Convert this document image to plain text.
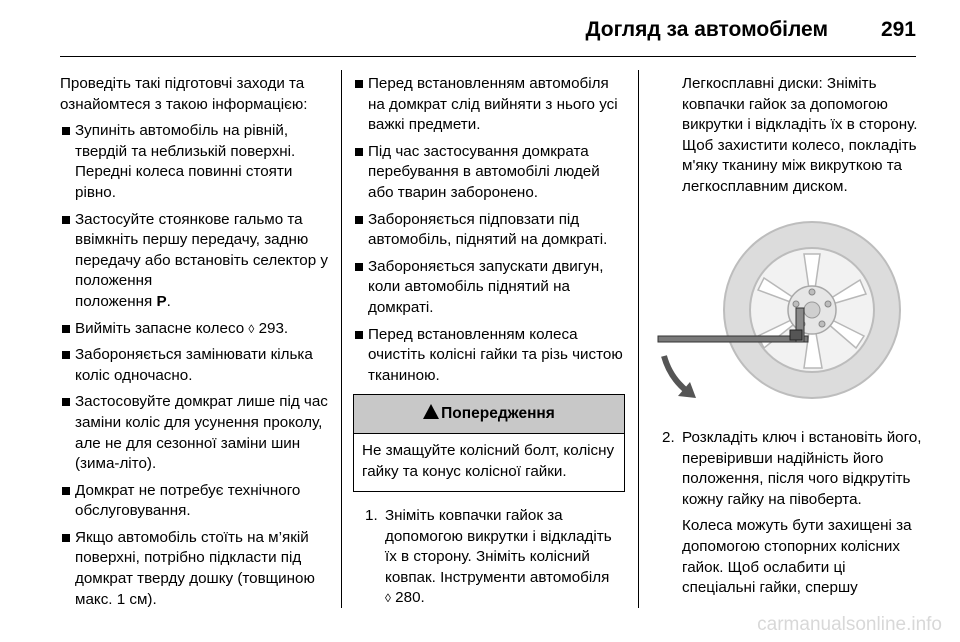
Догляд за автомобілем	291

Проведіть такі підготовчі заходи та ознайомтеся з такою інформацією:

Зупиніть автомобіль на рівній, твердій та неблизькій поверхні. Передні колеса повинні стояти рівно.
Застосуйте стоянкове гальмо та ввімкніть першу передачу, задню передачу або встановіть селектор у положення
положення P.
Вийміть запасне колесо ◊ 293.
Забороняється замінювати кілька коліс одночасно.
Застосовуйте домкрат лише під час заміни коліс для усунення проколу, але не для сезонної заміни шин (зима-літо).
Домкрат не потребує технічного обслуговування.
Якщо автомобіль стоїть на м’якій поверхні, потрібно підкласти під домкрат тверду дошку (товщиною макс. 1 см).
Перед встановленням автомобіля на домкрат слід вийняти з нього усі важкі предмети.
Під час застосування домкрата перебування в автомобілі людей або тварин заборонено.
Забороняється підповзати під автомобіль, піднятий на домкраті.
Забороняється запускати двигун, коли автомобіль піднятий на домкраті.
Перед встановленням колеса очистіть колісні гайки та різь чистою тканиною.
Попередження
Не змащуйте колісний болт, колісну гайку та конус колісної гайки.
1. Зніміть ковпачки гайок за допомогою викрутки і відкладіть їх в сторону. Зніміть колісний ковпак. Інструменти автомобіля
◊ 280.
Легкосплавні диски: Зніміть ковпачки гайок за допомогою викрутки і відкладіть їх в сторону. Щоб захистити колесо, покладіть м'яку тканину між викруткою та легкосплавним диском.
2. Розкладіть ключ і встановіть його, перевіривши надійність його положення, після чого відкрутіть кожну гайку на півоберта.

Колеса можуть бути захищені за допомогою стопорних колісних гайок. Щоб ослабити ці спеціальні гайки, спершу

carmanualsonline.info
